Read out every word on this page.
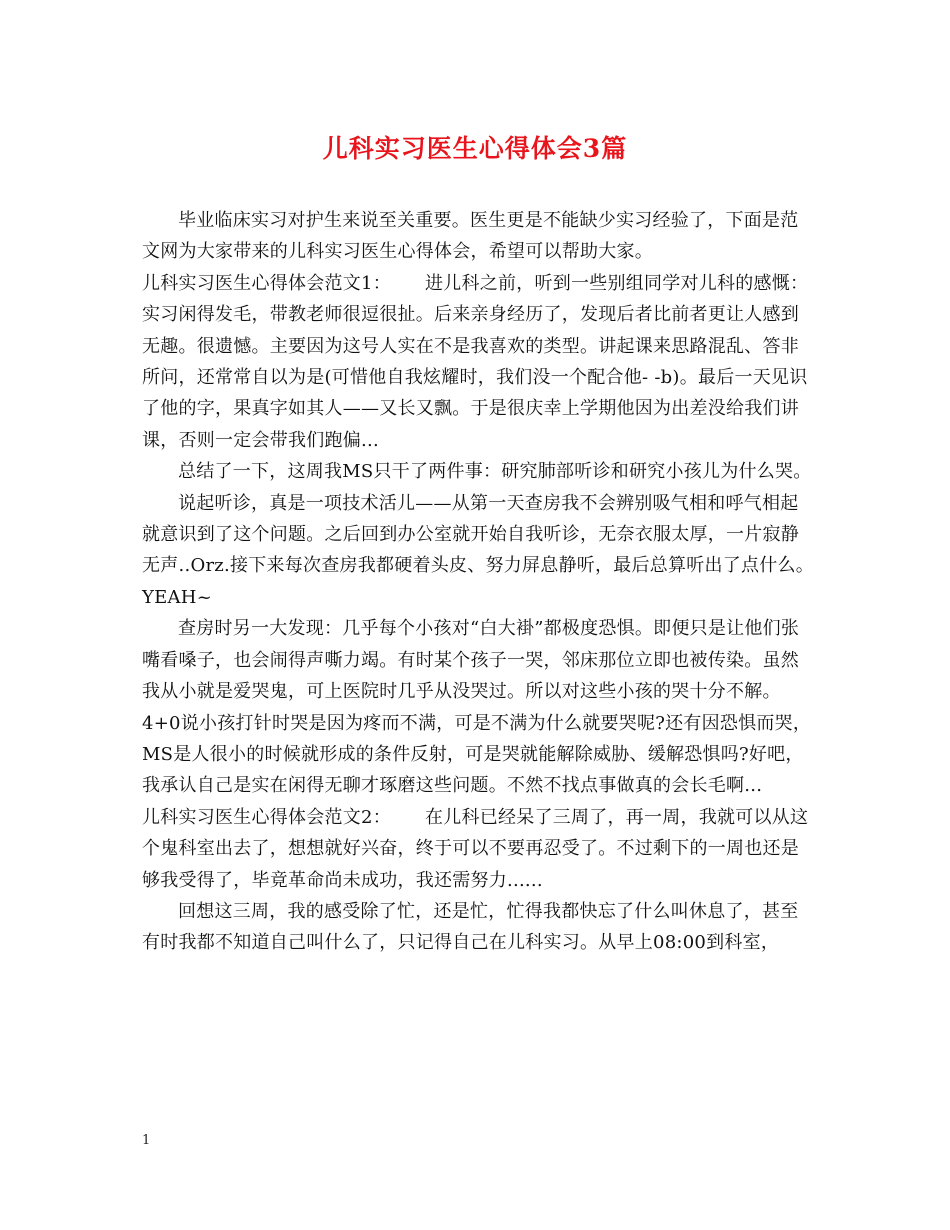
儿科实习医生心得体会3篇

毕业临床实习对护生来说至关重要。医生更是不能缺少实习经验了，下面是范文网为大家带来的儿科实习医生心得体会，希望可以帮助大家。

儿科实习医生心得体会范文1： 进儿科之前，听到一些别组同学对儿科的感慨：实习闲得发毛，带教老师很逗很扯。后来亲身经历了，发现后者比前者更让人感到无趣。很遗憾。主要因为这号人实在不是我喜欢的类型。讲起课来思路混乱、答非所问，还常常自以为是(可惜他自我炫耀时，我们没一个配合他- -b)。最后一天见识了他的字，果真字如其人——又长又飘。于是很庆幸上学期他因为出差没给我们讲课，否则一定会带我们跑偏...

总结了一下，这周我MS只干了两件事：研究肺部听诊和研究小孩儿为什么哭。

说起听诊，真是一项技术活儿——从第一天查房我不会辨别吸气相和呼气相起就意识到了这个问题。之后回到办公室就开始自我听诊，无奈衣服太厚，一片寂静无声..Orz.接下来每次查房我都硬着头皮、努力屏息静听，最后总算听出了点什么。YEAH~

查房时另一大发现：几乎每个小孩对“白大褂”都极度恐惧。即便只是让他们张嘴看嗓子，也会闹得声嘶力竭。有时某个孩子一哭，邻床那位立即也被传染。虽然我从小就是爱哭鬼，可上医院时几乎从没哭过。所以对这些小孩的哭十分不解。4+0说小孩打针时哭是因为疼而不满，可是不满为什么就要哭呢?还有因恐惧而哭，MS是人很小的时候就形成的条件反射，可是哭就能解除威胁、缓解恐惧吗?好吧，我承认自己是实在闲得无聊才琢磨这些问题。不然不找点事做真的会长毛啊...

儿科实习医生心得体会范文2： 在儿科已经呆了三周了，再一周，我就可以从这个鬼科室出去了，想想就好兴奋，终于可以不要再忍受了。不过剩下的一周也还是够我受得了，毕竟革命尚未成功，我还需努力......

回想这三周，我的感受除了忙，还是忙，忙得我都快忘了什么叫休息了，甚至有时我都不知道自己叫什么了，只记得自己在儿科实习。从早上08:00到科室，

1
